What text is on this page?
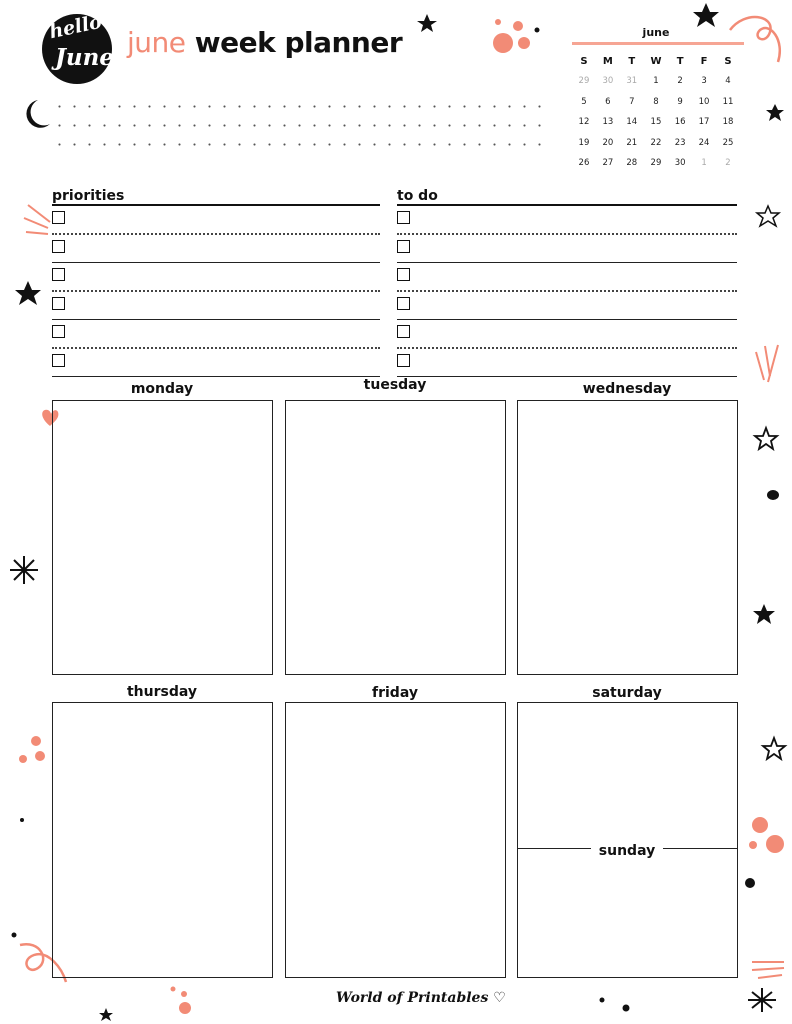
hello
June june week planner	june
S	M	T	W	T	F	S
29	30	31	1	2	3	4
5	6	7	8	9	10	11
12	13	14	15	16	17	18
19	20	21	22	23	24	25
26	27	28	29	30	1	2
priorities	to do
monday	tuesday	wednesday
thursday	friday	saturday
sunday
World of Printables ♡
